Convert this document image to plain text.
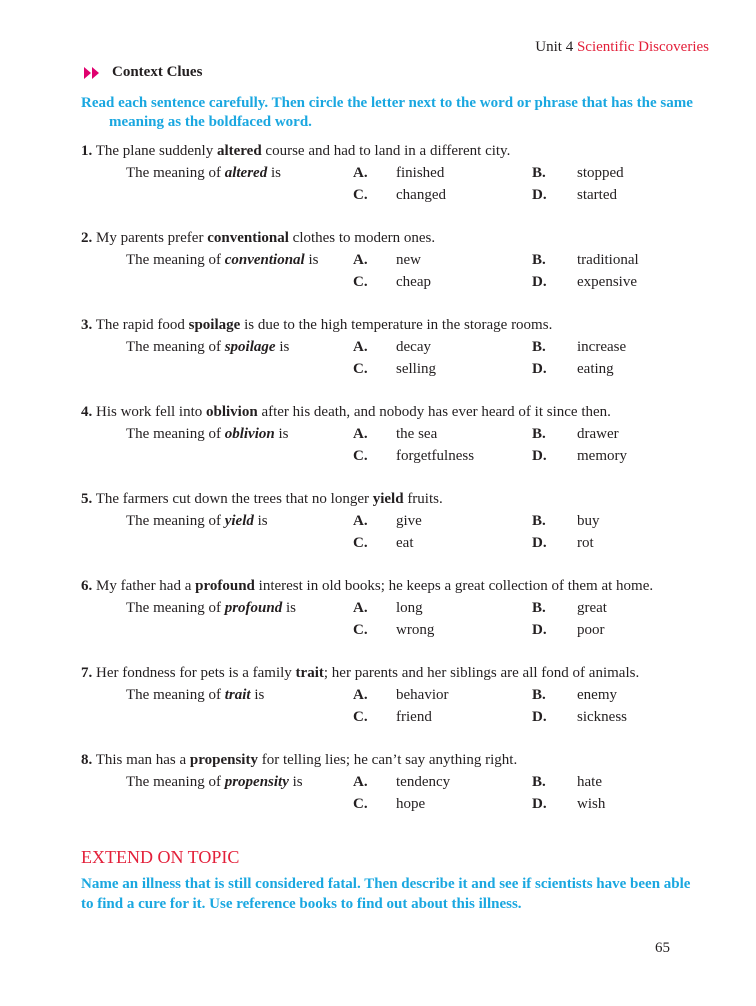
Unit 4 Scientific Discoveries
Context Clues
Read each sentence carefully. Then circle the letter next to the word or phrase that has the same
meaning as the boldfaced word.
1. The plane suddenly altered course and had to land in a different city.
The meaning of altered is	A. finished	B. stopped
C. changed	D. started
2. My parents prefer conventional clothes to modern ones.
The meaning of conventional is A. new	B. traditional
C. cheap	D. expensive
3. The rapid food spoilage is due to the high temperature in the storage rooms.
The meaning of spoilage is	A. decay	B. increase
C. selling	D. eating
4. His work fell into oblivion after his death, and nobody has ever heard of it since then.
The meaning of oblivion is	A. the sea	B. drawer
C. forgetfulness	D. memory
5. The farmers cut down the trees that no longer yield fruits.
The meaning of yield is	A. give	B. buy
C. eat	D. rot
6. My father had a profound interest in old books; he keeps a great collection of them at home.
The meaning of profound is	A. long	B. great
C. wrong	D. poor
7. Her fondness for pets is a family trait; her parents and her siblings are all fond of animals.
The meaning of trait is	A. behavior	B. enemy
C. friend	D. sickness
8. This man has a propensity for telling lies; he can’t say anything right.
The meaning of propensity is	A. tendency	B. hate
C. hope	D. wish
EXTEND ON TOPIC
Name an illness that is still considered fatal. Then describe it and see if scientists have been able
to find a cure for it. Use reference books to find out about this illness.
65
